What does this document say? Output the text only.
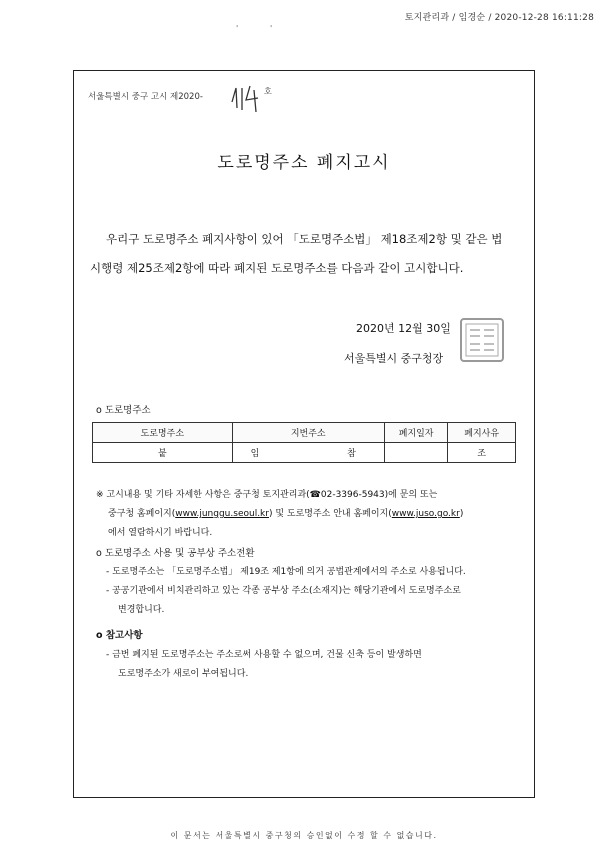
토지관리과 / 임경순 / 2020-12-28 16:11:28
'	'
서울특별시 중구 고시 제2020-
호
도로명주소 폐지고시
우리구 도로명주소 폐지사항이 있어 「도로명주소법」 제18조제2항 및 같은 법
시행령 제25조제2항에 따라 폐지된 도로명주소를 다음과 같이 고시합니다.
2020년 12월 30일
서울특별시 중구청장
o 도로명주소
도로명주소	지번주소	폐지일자	폐지사유
붙	임 참		조
※ 고시내용 및 기타 자세한 사항은 중구청 토지관리과(☎02-3396-5943)에 문의 또는
중구청 홈페이지(www.junggu.seoul.kr) 및 도로명주소 안내 홈페이지(www.juso.go.kr)
에서 열람하시기 바랍니다.
o 도로명주소 사용 및 공부상 주소전환
- 도로명주소는 「도로명주소법」 제19조 제1항에 의거 공법관계에서의 주소로 사용됩니다.
- 공공기관에서 비치관리하고 있는 각종 공부상 주소(소재지)는 해당기관에서 도로명주소로
변경합니다.
o 참고사항
- 금번 폐지된 도로명주소는 주소로써 사용할 수 없으며, 건물 신축 등이 발생하면
도로명주소가 새로이 부여됩니다.
이 문서는 서울특별시 중구청의 승인없이 수정 할 수 없습니다.
